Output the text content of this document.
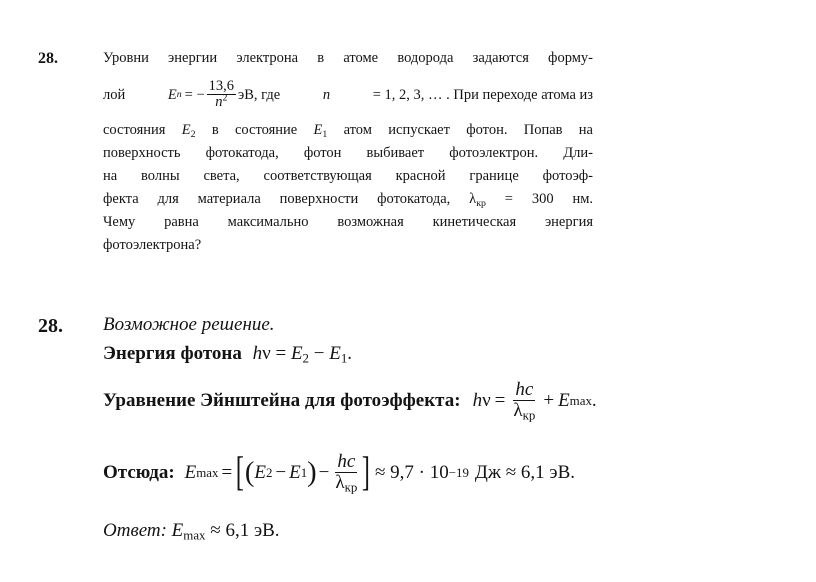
28.	Уровни энергии электрона в атоме водорода задаются форму-
лой	E n = − $\frac{13,6}{n^2}$ эВ, где	n	= 1, 2, 3, … . При переходе атома из
состояния $E_2$ в состояние $E_1$ атом испускает фотон. Попав на
поверхность фотокатода, фотон выбивает фотоэлектрон. Дли-
на волны света, соответствующая красной границе фотоэф-
фекта для материала поверхности фотокатода, $\lambda_{кр} = 300$ нм.
Чему равна максимально возможная кинетическая энергия
фотоэлектрона?
28. Возможное решение.
Энергия фотона $h\nu = E_2 - E_1$.
Уравнение Эйнштейна для фотоэффекта: h $\nu = \frac{hc}{\lambda_{кр}} + E$ max .
Отсюда: E max = [ ( E 2 − E 1 ) − $\frac{hc}{\lambda_{кр}}$ ] ≈ 9,7 · 10 −19 Дж ≈ 6,1 эВ.
Ответ: $E_{max} \approx 6,1$ эВ.
